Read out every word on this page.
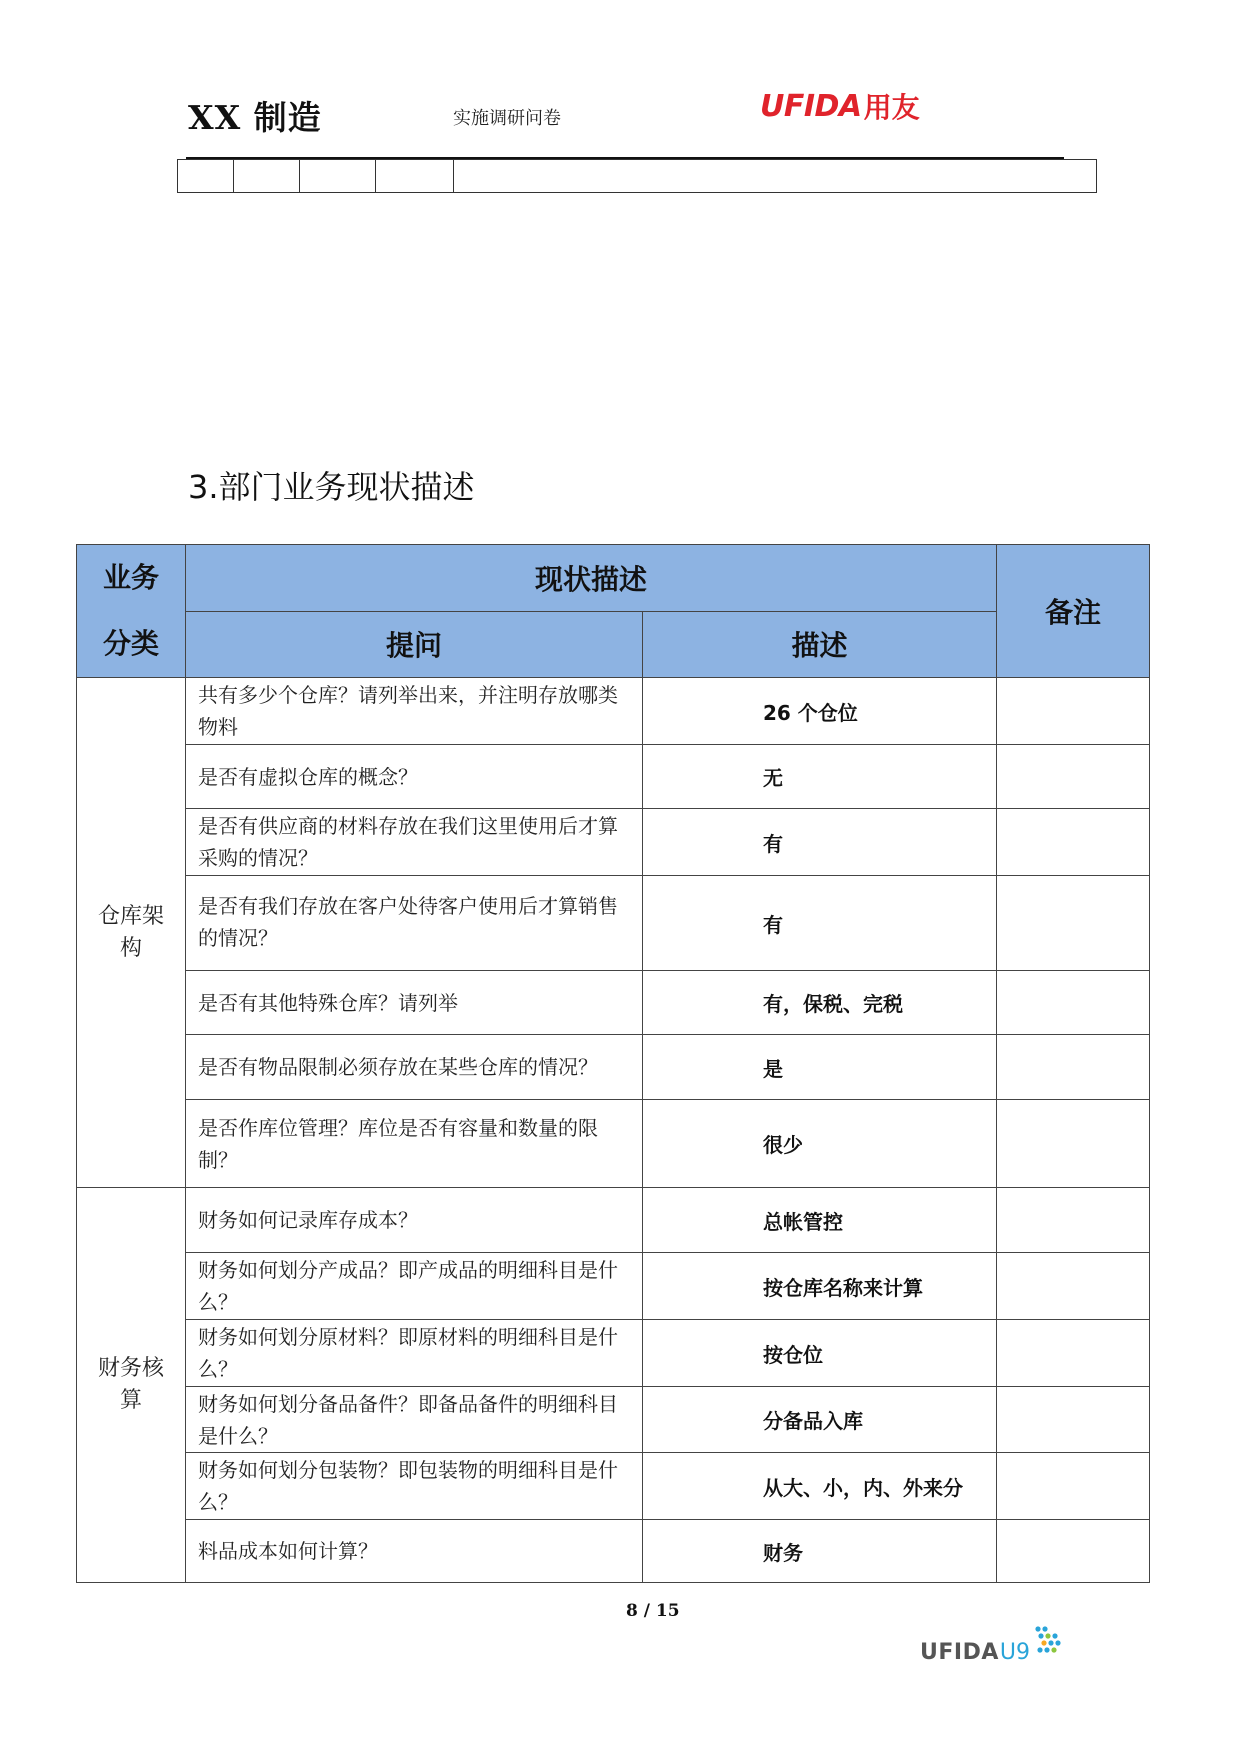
XX 制造	实施调研问卷	UFIDA 用友

3.部门业务现状描述
业务
分类	现状描述		备注
	提问	描述	

仓库架构	共有多少个仓库？请列举出来，并注明存放哪类物料	26 个仓位	
	是否有虚拟仓库的概念？	无	
	是否有供应商的材料存放在我们这里使用后才算采购的情况？	有	
	是否有我们存放在客户处待客户使用后才算销售的情况？	有	
	是否有其他特殊仓库？请列举	有，保税、完税	
	是否有物品限制必须存放在某些仓库的情况？	是	
	是否作库位管理？库位是否有容量和数量的限制？	很少	

财务核算	财务如何记录库存成本？	总帐管控	
	财务如何划分产成品？即产成品的明细科目是什么？	按仓库名称来计算	
	财务如何划分原材料？即原材料的明细科目是什么？	按仓位	
	财务如何划分备品备件？即备品备件的明细科目是什么？	分备品入库	
	财务如何划分包装物？即包装物的明细科目是什么？	从大、小，内、外来分	
	料品成本如何计算？	财务	
8 / 15
UFIDA U9
